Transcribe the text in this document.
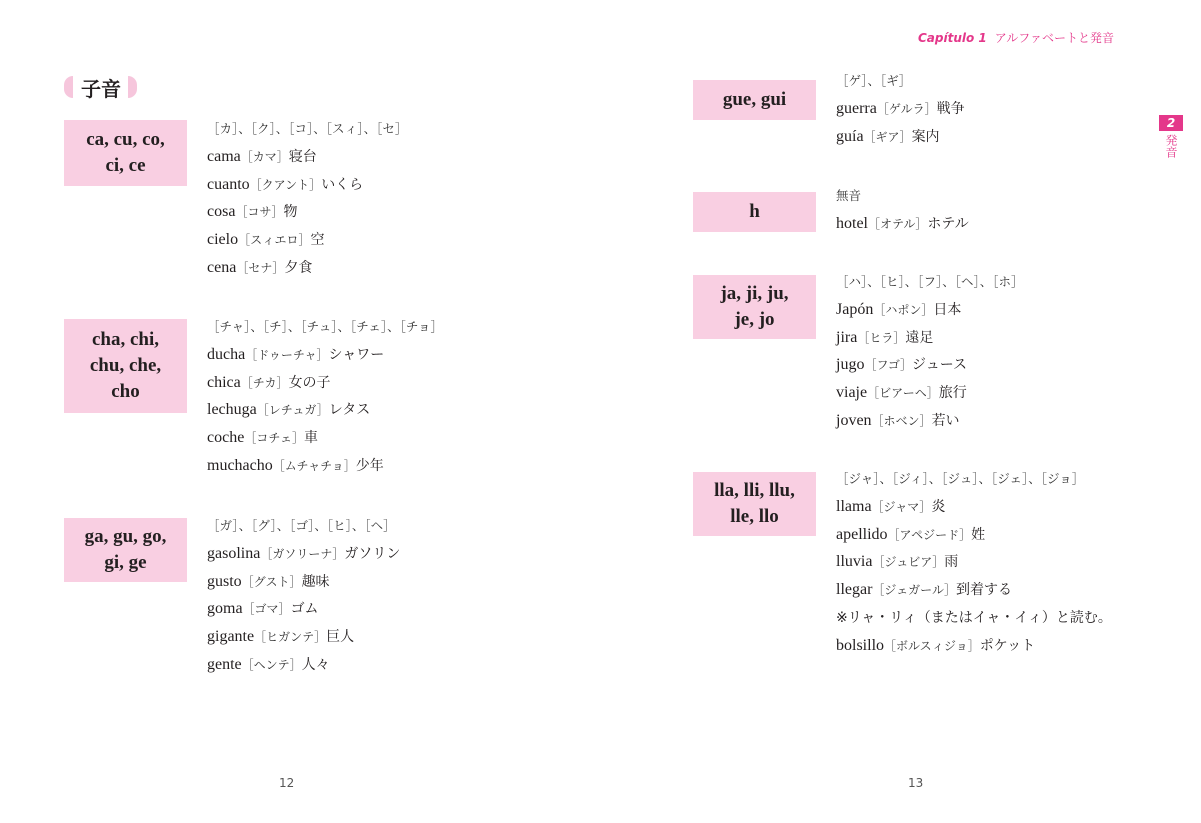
子音
ca, cu, co,
ci, ce
［カ］、［ク］、［コ］、［スィ］、［セ］
cama［カマ］寝台
cuanto［クアント］いくら
cosa［コサ］物
cielo［スィエロ］空
cena［セナ］夕食
cha, chi,
chu, che,
cho
［チャ］、［チ］、［チュ］、［チェ］、［チョ］
ducha［ドゥーチャ］シャワー
chica［チカ］女の子
lechuga［レチュガ］レタス
coche［コチェ］車
muchacho［ムチャチョ］少年
ga, gu, go,
gi, ge
［ガ］、［グ］、［ゴ］、［ヒ］、［ヘ］
gasolina［ガソリーナ］ガソリン
gusto［グスト］趣味
goma［ゴマ］ゴム
gigante［ヒガンテ］巨人
gente［ヘンテ］人々
12
Capítulo 1 アルファベートと発音
gue, gui
［ゲ］、［ギ］
guerra［ゲルラ］戦争
guía［ギア］案内
h
無音
hotel［オテル］ホテル
ja, ji, ju,
je, jo
［ハ］、［ヒ］、［フ］、［ヘ］、［ホ］
Japón［ハポン］日本
jira［ヒラ］遠足
jugo［フゴ］ジュース
viaje［ビアーヘ］旅行
joven［ホベン］若い
lla, lli, llu,
lle, llo
［ジャ］、［ジィ］、［ジュ］、［ジェ］、［ジョ］
llama［ジャマ］炎
apellido［アペジード］姓
lluvia［ジュビア］雨
llegar［ジェガール］到着する
※リャ・リィ（またはイャ・イィ）と読む。
bolsillo［ボルスィジョ］ポケット
13
2
発音
